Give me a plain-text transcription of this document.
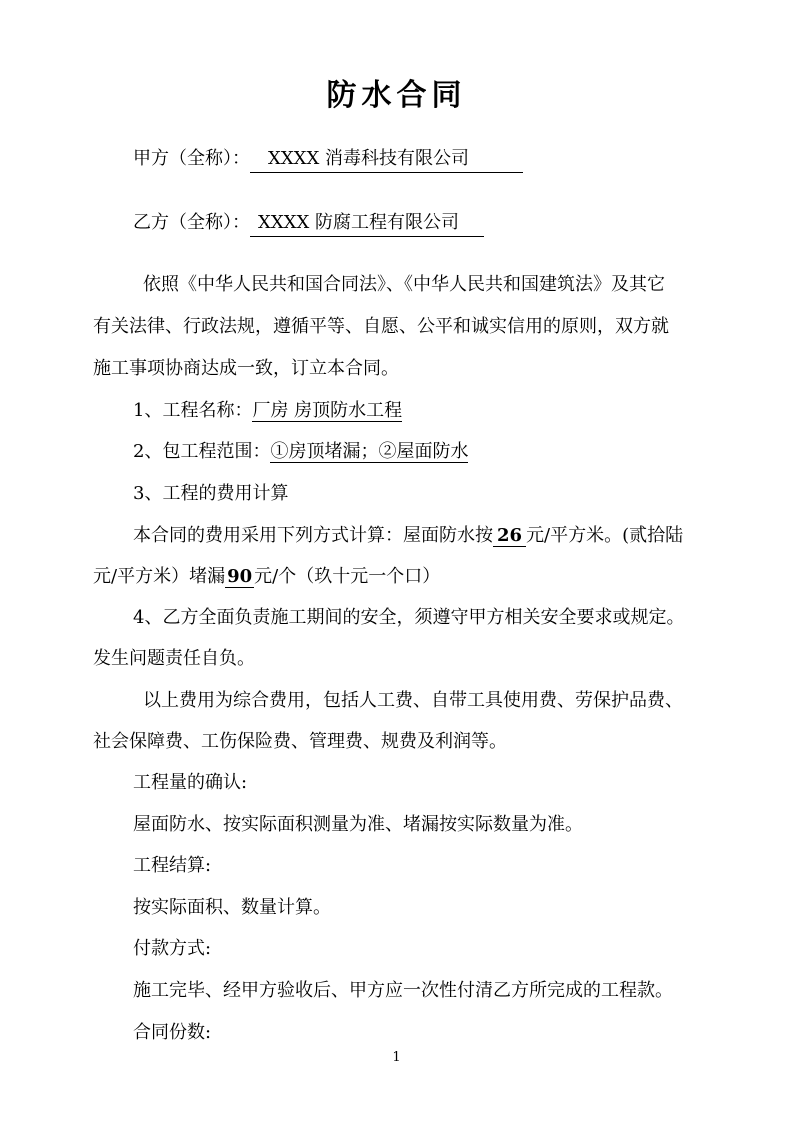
防水合同
甲方（全称）： XXXX 消毒科技有限公司
乙方（全称）： XXXX 防腐工程有限公司
依照《中华人民共和国合同法》、《中华人民共和国建筑法》及其它
有关法律、行政法规，遵循平等、自愿、公平和诚实信用的原则，双方就
施工事项协商达成一致，订立本合同。
1、工程名称：厂房 房顶防水工程
2、包工程范围：①房顶堵漏；②屋面防水
3、工程的费用计算
本合同的费用采用下列方式计算：屋面防水按 26 元/平方米。(贰拾陆
元/平方米）堵漏 90 元/个（玖十元一个口）
4、乙方全面负责施工期间的安全，须遵守甲方相关安全要求或规定。
发生问题责任自负。
以上费用为综合费用，包括人工费、自带工具使用费、劳保护品费、
社会保障费、工伤保险费、管理费、规费及利润等。
工程量的确认:
屋面防水、按实际面积测量为准、堵漏按实际数量为准。
工程结算:
按实际面积、数量计算。
付款方式:
施工完毕、经甲方验收后、甲方应一次性付清乙方所完成的工程款。
合同份数:
1
